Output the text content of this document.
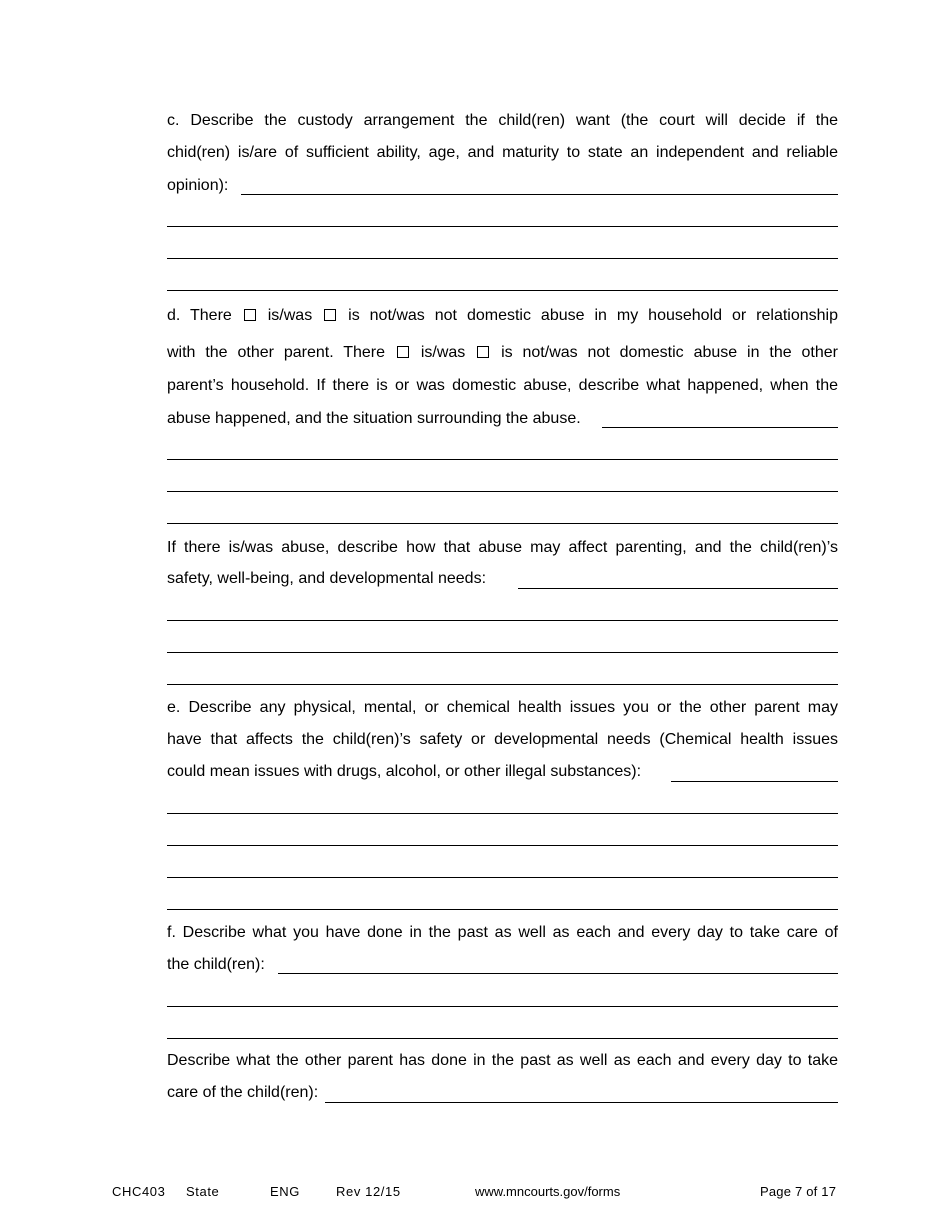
c. Describe the custody arrangement the child(ren) want (the court will decide if the
chid(ren) is/are of sufficient ability, age, and maturity to state an independent and reliable
opinion):
d. There is/was is not/was not domestic abuse in my household or relationship
with the other parent. There is/was is not/was not domestic abuse in the other
parent’s household. If there is or was domestic abuse, describe what happened, when the
abuse happened, and the situation surrounding the abuse.
If there is/was abuse, describe how that abuse may affect parenting, and the child(ren)’s
safety, well-being, and developmental needs:
e. Describe any physical, mental, or chemical health issues you or the other parent may
have that affects the child(ren)’s safety or developmental needs (Chemical health issues
could mean issues with drugs, alcohol, or other illegal substances):
f. Describe what you have done in the past as well as each and every day to take care of
the child(ren):
Describe what the other parent has done in the past as well as each and every day to take
care of the child(ren):
CHC403 State	ENG	Rev 12/15	www.mncourts.gov/forms	Page 7 of 17
